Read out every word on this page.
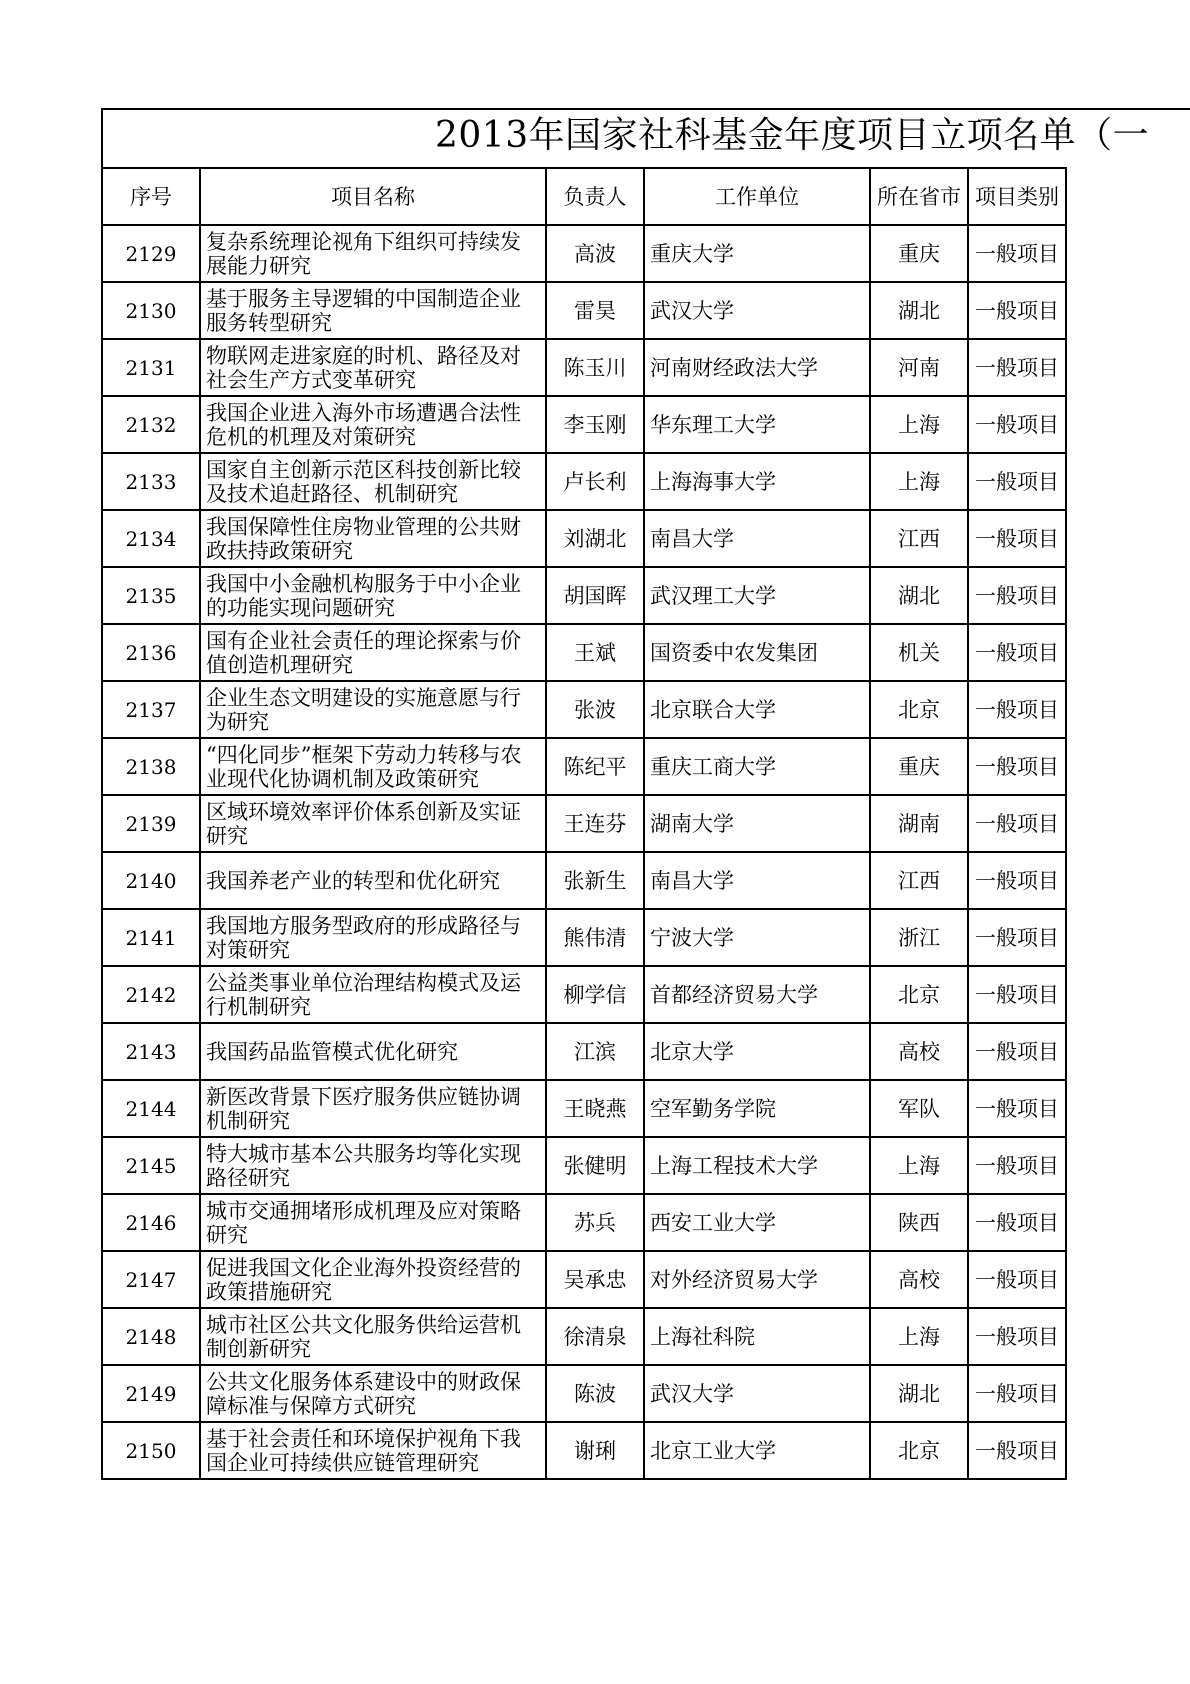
2013年国家社科基金年度项目立项名单（一
序号	项目名称	负责人	工作单位	所在省市	项目类别
2129	复杂系统理论视角下组织可持续发展能力研究	高波	重庆大学	重庆	一般项目
2130	基于服务主导逻辑的中国制造企业服务转型研究	雷昊	武汉大学	湖北	一般项目
2131	物联网走进家庭的时机、路径及对社会生产方式变革研究	陈玉川	河南财经政法大学	河南	一般项目
2132	我国企业进入海外市场遭遇合法性危机的机理及对策研究	李玉刚	华东理工大学	上海	一般项目
2133	国家自主创新示范区科技创新比较及技术追赶路径、机制研究	卢长利	上海海事大学	上海	一般项目
2134	我国保障性住房物业管理的公共财政扶持政策研究	刘湖北	南昌大学	江西	一般项目
2135	我国中小金融机构服务于中小企业的功能实现问题研究	胡国晖	武汉理工大学	湖北	一般项目
2136	国有企业社会责任的理论探索与价值创造机理研究	王斌	国资委中农发集团	机关	一般项目
2137	企业生态文明建设的实施意愿与行为研究	张波	北京联合大学	北京	一般项目
2138	“四化同步”框架下劳动力转移与农业现代化协调机制及政策研究	陈纪平	重庆工商大学	重庆	一般项目
2139	区域环境效率评价体系创新及实证研究	王连芬	湖南大学	湖南	一般项目
2140	我国养老产业的转型和优化研究	张新生	南昌大学	江西	一般项目
2141	我国地方服务型政府的形成路径与对策研究	熊伟清	宁波大学	浙江	一般项目
2142	公益类事业单位治理结构模式及运行机制研究	柳学信	首都经济贸易大学	北京	一般项目
2143	我国药品监管模式优化研究	江滨	北京大学	高校	一般项目
2144	新医改背景下医疗服务供应链协调机制研究	王晓燕	空军勤务学院	军队	一般项目
2145	特大城市基本公共服务均等化实现路径研究	张健明	上海工程技术大学	上海	一般项目
2146	城市交通拥堵形成机理及应对策略研究	苏兵	西安工业大学	陕西	一般项目
2147	促进我国文化企业海外投资经营的政策措施研究	吴承忠	对外经济贸易大学	高校	一般项目
2148	城市社区公共文化服务供给运营机制创新研究	徐清泉	上海社科院	上海	一般项目
2149	公共文化服务体系建设中的财政保障标准与保障方式研究	陈波	武汉大学	湖北	一般项目
2150	基于社会责任和环境保护视角下我国企业可持续供应链管理研究	谢琍	北京工业大学	北京	一般项目
